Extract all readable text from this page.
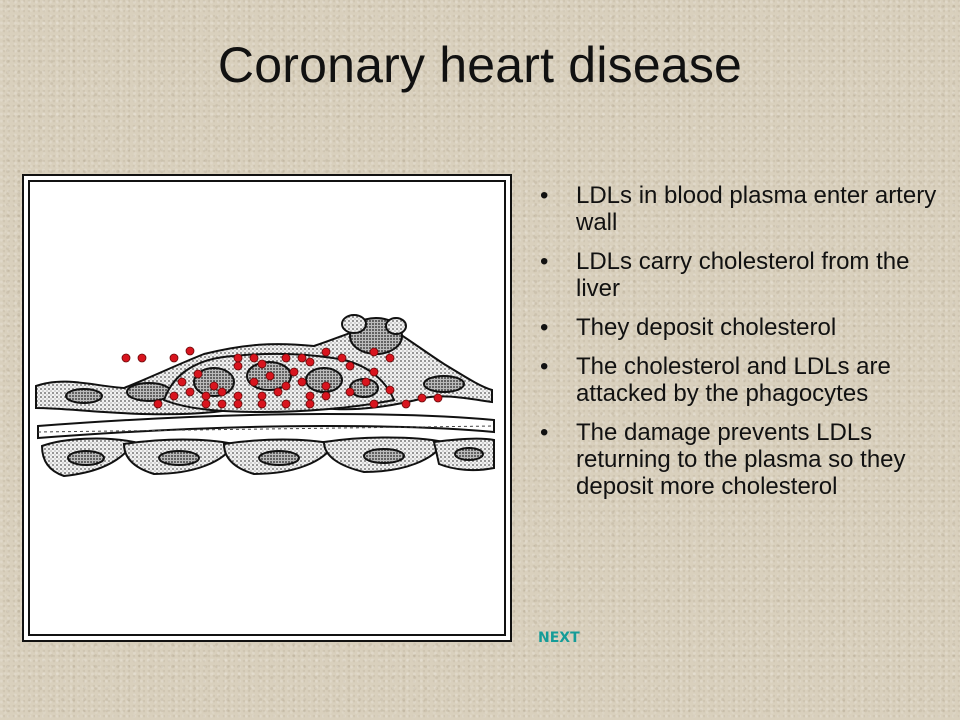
Coronary heart disease
• LDLs in blood plasma enter artery wall
• LDLs carry cholesterol from the liver
• They deposit cholesterol
• The cholesterol and LDLs are attacked by the phagocytes
• The damage prevents LDLs returning to the plasma so they deposit more cholesterol
NEXT
